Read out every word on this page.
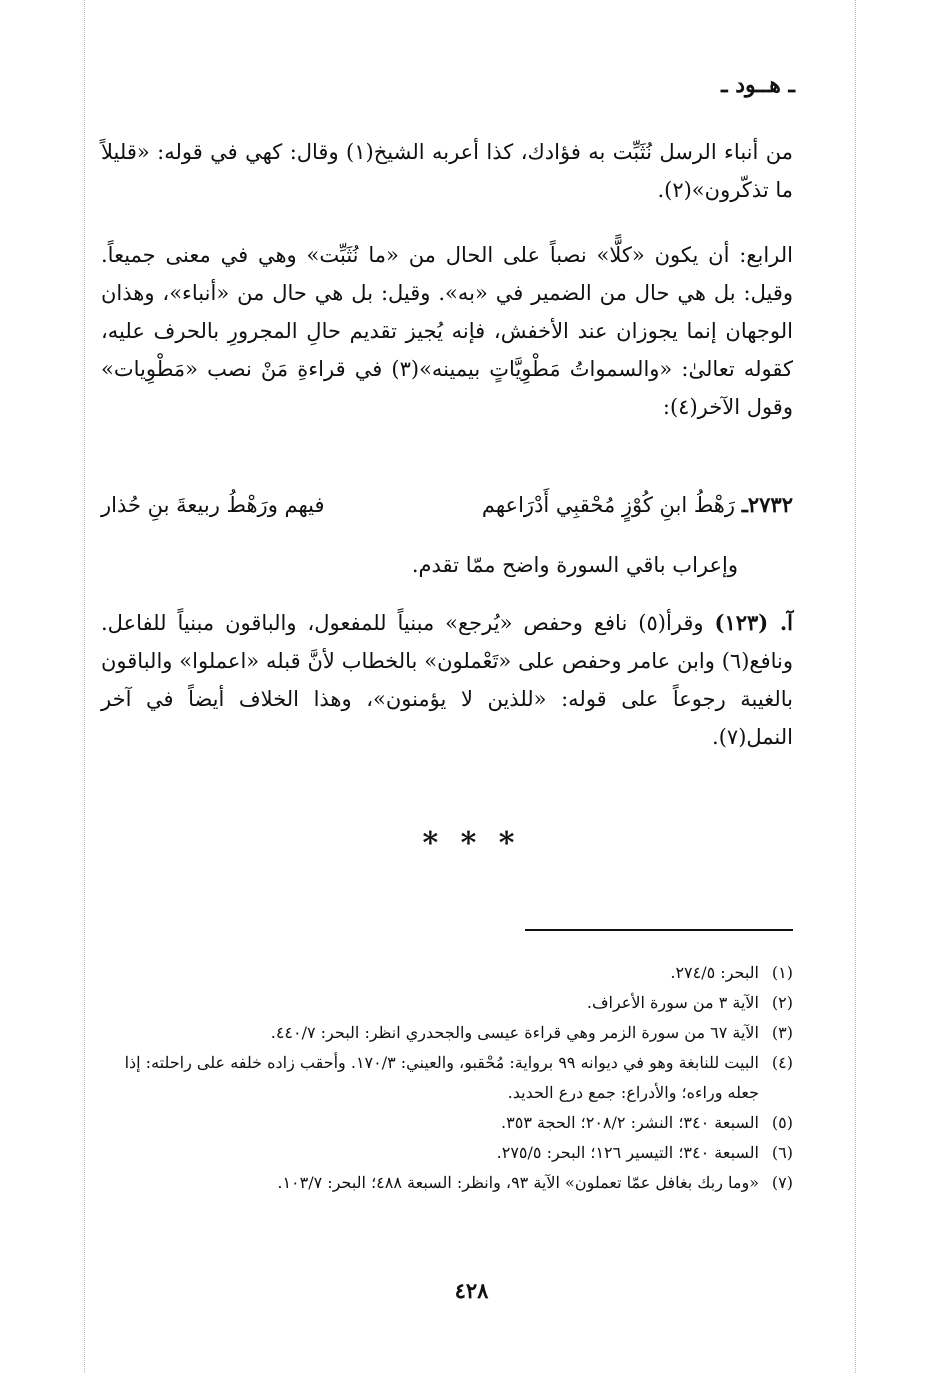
ـ هــود ـ
من أنباء الرسل نُثَبِّت به فؤادك، كذا أعربه الشيخ(١) وقال: كهي في قوله: «قليلاً ما تذكّرون»(٢).
الرابع: أن يكون «كلًّا» نصباً على الحال من «ما نُثَبِّت» وهي في معنى جميعاً. وقيل: بل هي حال من الضمير في «به». وقيل: بل هي حال من «أنباء»، وهذان الوجهان إنما يجوزان عند الأخفش، فإنه يُجيز تقديم حالِ المجرورِ بالحرف عليه، كقوله تعالىٰ: «والسمواتُ مَطْوِيَّاتٍ بيمينه»(٣) في قراءةِ مَنْ نصب «مَطْوِيات» وقول الآخر(٤):
٢٧٣٢ـ رَهْطُ ابنِ كُوْزٍ مُحْقبِي أَدْرَاعهم
فيهم ورَهْطُ ربيعةَ بنِ حُذار
وإعراب باقي السورة واضح ممّا تقدم.
آ. (١٢٣) وقرأ(٥) نافع وحفص «يُرجع» مبنياً للمفعول، والباقون مبنياً للفاعل. ونافع(٦) وابن عامر وحفص على «تَعْملون» بالخطاب لأنَّ قبله «اعملوا» والباقون بالغيبة رجوعاً على قوله: «للذين لا يؤمنون»، وهذا الخلاف أيضاً في آخر النمل(٧).
* * *
(١)
البحر: ٢٧٤/٥.
(٢)
الآية ٣ من سورة الأعراف.
(٣)
الآية ٦٧ من سورة الزمر وهي قراءة عيسى والجحدري انظر: البحر: ٤٤٠/٧.
(٤)
البيت للنابغة وهو في ديوانه ٩٩ برواية: مُحْقبو، والعيني: ١٧٠/٣. وأحقب زاده خلفه على راحلته: إذا جعله وراءه؛ والأدراع: جمع درع الحديد.
(٥)
السبعة ٣٤٠؛ النشر: ٢٠٨/٢؛ الحجة ٣٥٣.
(٦)
السبعة ٣٤٠؛ التيسير ١٢٦؛ البحر: ٢٧٥/٥.
(٧)
«وما ربك بغافل عمّا تعملون» الآية ٩٣، وانظر: السبعة ٤٨٨؛ البحر: ١٠٣/٧.
٤٢٨
